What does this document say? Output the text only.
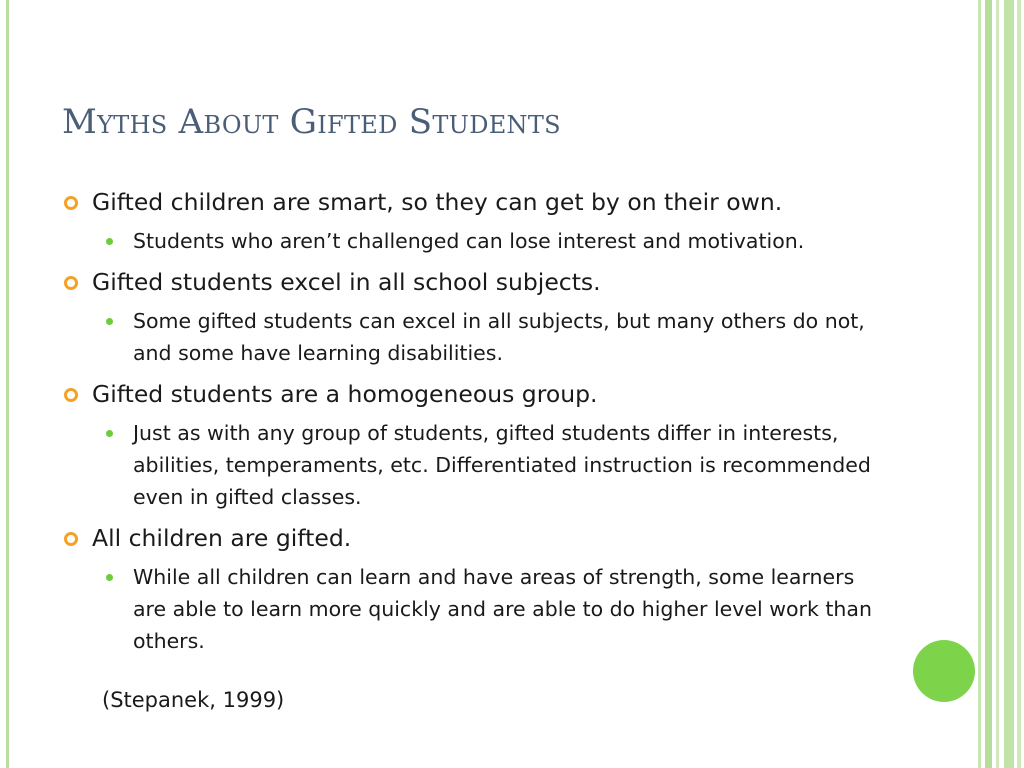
Myths About Gifted Students
Gifted children are smart, so they can get by on their own.
Students who aren’t challenged can lose interest and motivation.
Gifted students excel in all school subjects.
Some gifted students can excel in all subjects, but many others do not, and some have learning disabilities.
Gifted students are a homogeneous group.
Just as with any group of students, gifted students differ in interests, abilities, temperaments, etc. Differentiated instruction is recommended even in gifted classes.
All children are gifted.
While all children can learn and have areas of strength, some learners are able to learn more quickly and are able to do higher level work than others.
(Stepanek, 1999)
